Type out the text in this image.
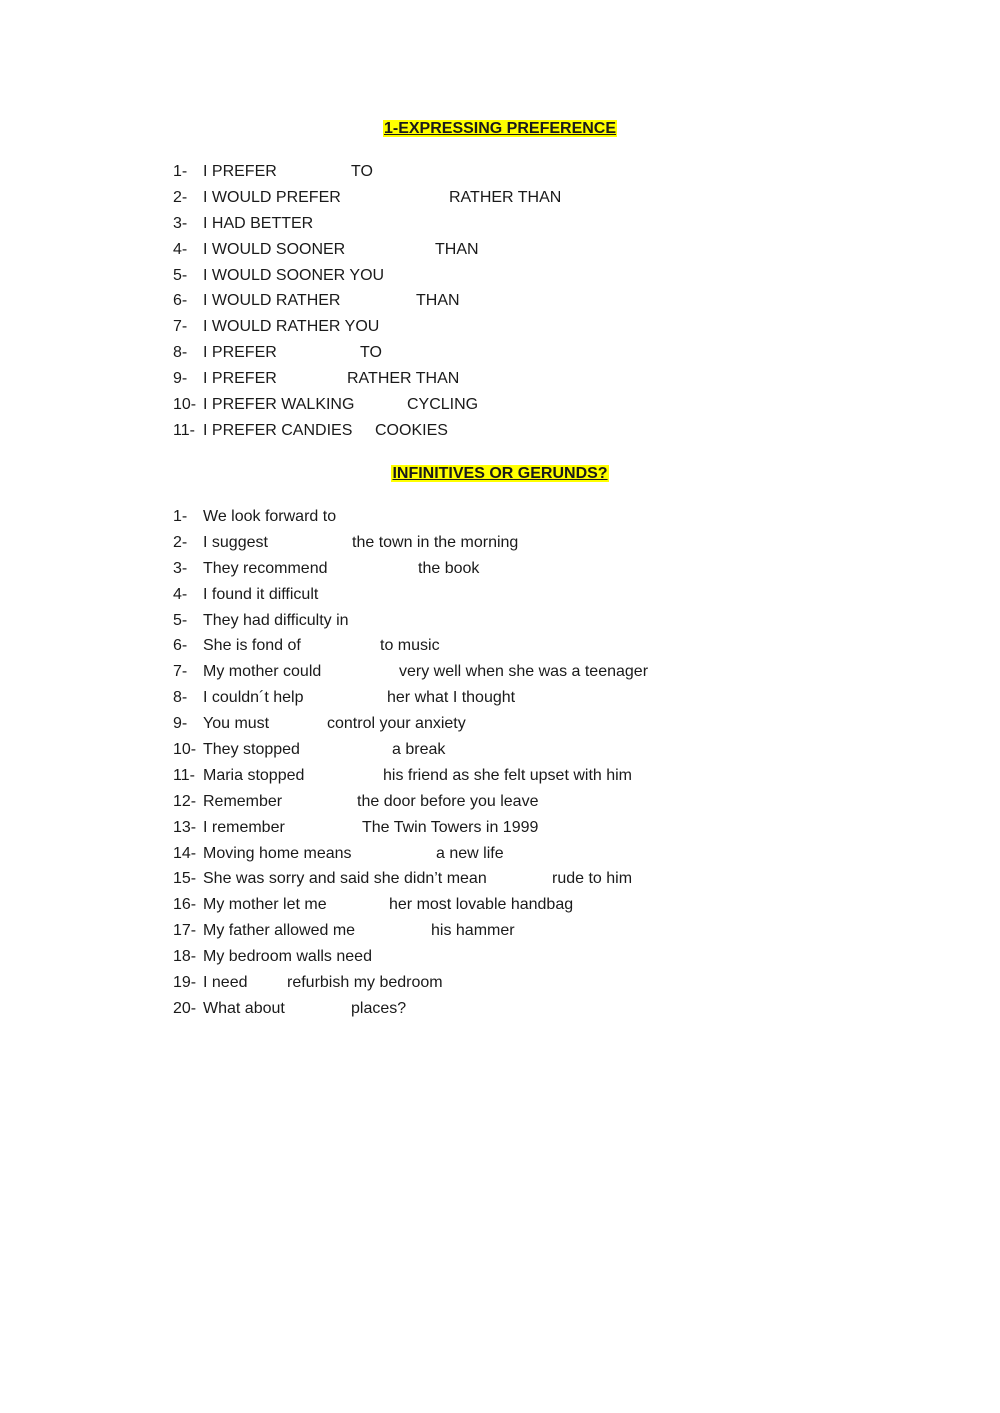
1-EXPRESSING PREFERENCE
1- I PREFER	TO
2- I WOULD PREFER	RATHER THAN
3- I HAD BETTER
4- I WOULD SOONER	THAN
5- I WOULD SOONER YOU
6- I WOULD RATHER	THAN
7- I WOULD RATHER YOU
8- I PREFER	TO
9- I PREFER	RATHER THAN
10- I PREFER WALKING	CYCLING
11- I PREFER CANDIES COOKIES
INFINITIVES OR GERUNDS?
1- We look forward to
2- I suggest	the town in the morning
3- They recommend	the book
4- I found it difficult
5- They had difficulty in
6- She is fond of	to music
7- My mother could	very well when she was a teenager
8- I couldn´t help	her what I thought
9- You must	control your anxiety
10- They stopped	a break
11- Maria stopped	his friend as she felt upset with him
12- Remember	the door before you leave
13- I remember	The Twin Towers in 1999
14- Moving home means	a new life
15- She was sorry and said she didn’t mean	rude to him
16- My mother let me	her most lovable handbag
17- My father allowed me	his hammer
18- My bedroom walls need
19- I need refurbish my bedroom
20- What about	places?
